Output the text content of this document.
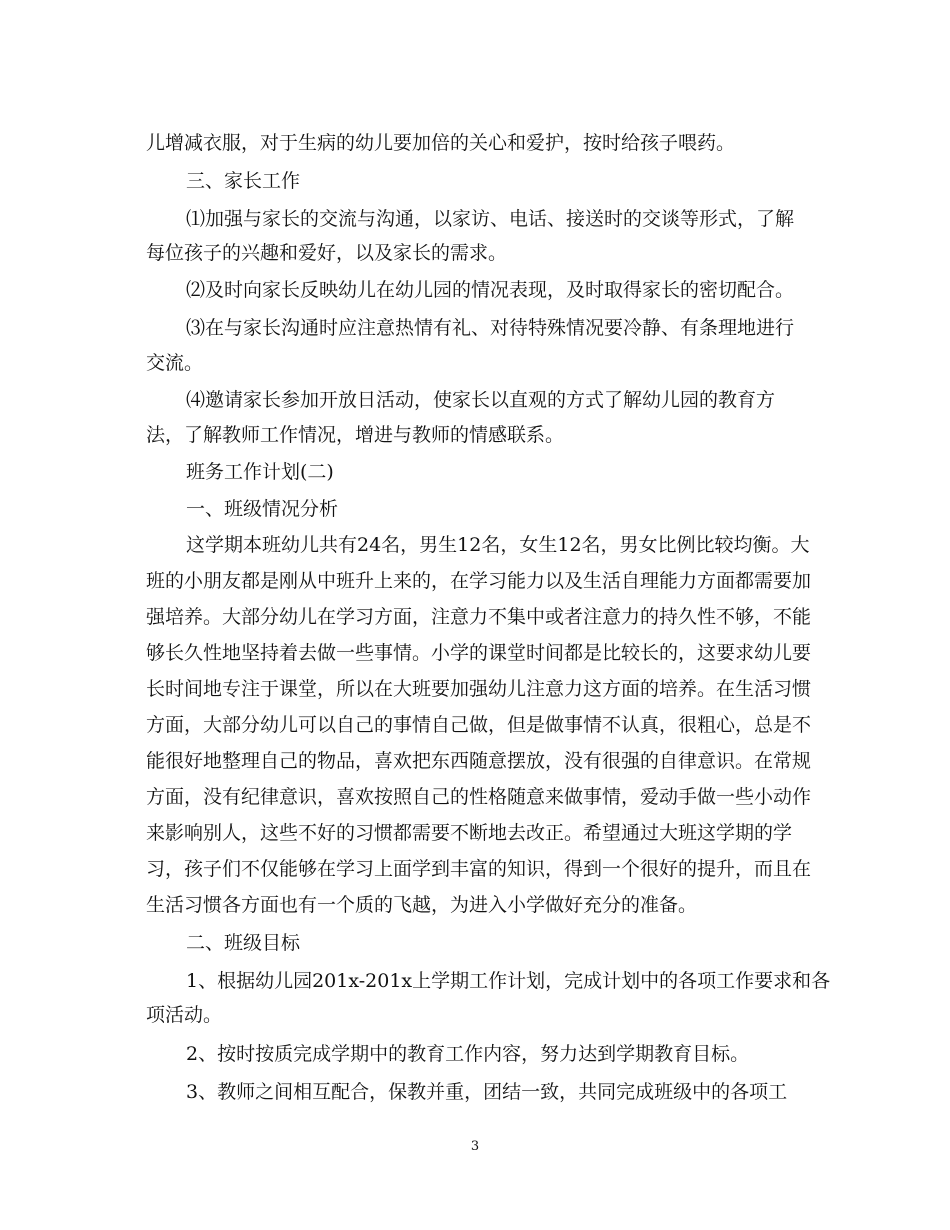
儿增减衣服，对于生病的幼儿要加倍的关心和爱护，按时给孩子喂药。
三、家长工作
⑴加强与家长的交流与沟通，以家访、电话、接送时的交谈等形式，了解
每位孩子的兴趣和爱好，以及家长的需求。
⑵及时向家长反映幼儿在幼儿园的情况表现，及时取得家长的密切配合。
⑶在与家长沟通时应注意热情有礼、对待特殊情况要冷静、有条理地进行
交流。
⑷邀请家长参加开放日活动，使家长以直观的方式了解幼儿园的教育方
法，了解教师工作情况，增进与教师的情感联系。
班务工作计划(二)
一、班级情况分析
这学期本班幼儿共有24名，男生12名，女生12名，男女比例比较均衡。大
班的小朋友都是刚从中班升上来的，在学习能力以及生活自理能力方面都需要加
强培养。大部分幼儿在学习方面，注意力不集中或者注意力的持久性不够，不能
够长久性地坚持着去做一些事情。小学的课堂时间都是比较长的，这要求幼儿要
长时间地专注于课堂，所以在大班要加强幼儿注意力这方面的培养。在生活习惯
方面，大部分幼儿可以自己的事情自己做，但是做事情不认真，很粗心，总是不
能很好地整理自己的物品，喜欢把东西随意摆放，没有很强的自律意识。在常规
方面，没有纪律意识，喜欢按照自己的性格随意来做事情，爱动手做一些小动作
来影响别人，这些不好的习惯都需要不断地去改正。希望通过大班这学期的学
习，孩子们不仅能够在学习上面学到丰富的知识，得到一个很好的提升，而且在
生活习惯各方面也有一个质的飞越，为进入小学做好充分的准备。
二、班级目标
1、根据幼儿园201x-201x上学期工作计划，完成计划中的各项工作要求和各
项活动。
2、按时按质完成学期中的教育工作内容，努力达到学期教育目标。
3、教师之间相互配合，保教并重，团结一致，共同完成班级中的各项工
3
